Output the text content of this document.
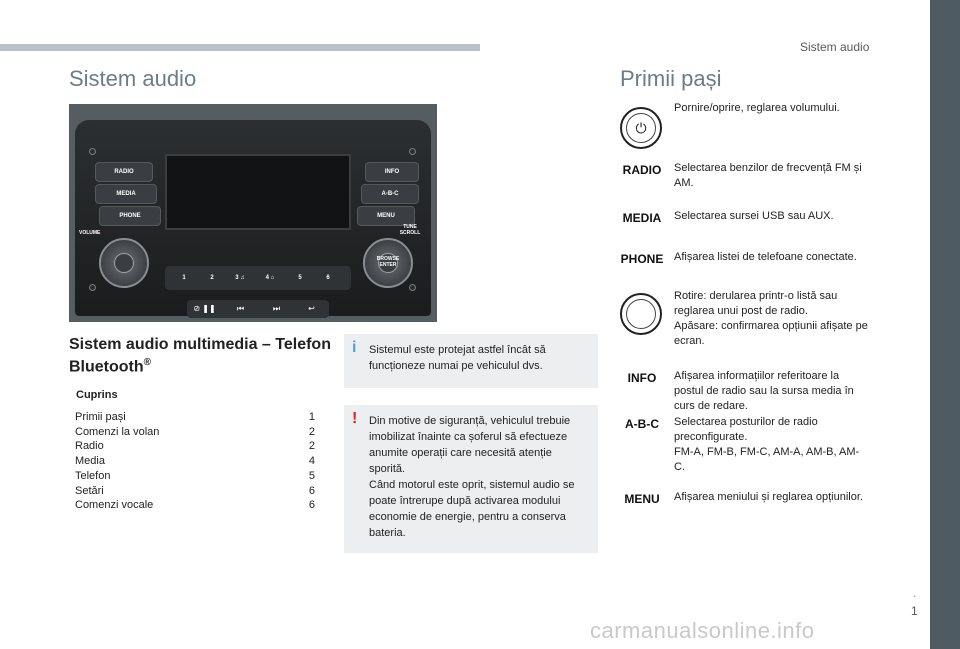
Sistem audio
.
1
carmanualsonline.info
Sistem audio	Primii pași
RADIO
MEDIA
PHONE
INFO
A-B-C
MENU
VOLUME
TUNE SCROLL
BROWSE ENTER
1	2	3 ♫	4 ⌂	5	6
⊘ ❚❚	⏮	⏭	↩
Sistem audio multimedia – Telefon Bluetooth®
Cuprins
Primii pași	1
Comenzi la volan	2
Radio	2
Media	4
Telefon	5
Setări	6
Comenzi vocale	6
i Sistemul este protejat astfel încât să funcționeze numai pe vehiculul dvs.
! Din motive de siguranță, vehiculul trebuie imobilizat înainte ca șoferul să efectueze anumite operații care necesită atenție sporită.
Când motorul este oprit, sistemul audio se poate întrerupe după activarea modului economie de energie, pentru a conserva bateria.
⏻
Pornire/oprire, reglarea volumului.
RADIO Selectarea benzilor de frecvență FM și AM.
MEDIA Selectarea sursei USB sau AUX.
PHONE Afișarea listei de telefoane conectate.
Rotire: derularea printr-o listă sau reglarea unui post de radio.
Apăsare: confirmarea opțiunii afișate pe ecran.
INFO	Afișarea informațiilor referitoare la postul de radio sau la sursa media în curs de redare.
A-B-C	Selectarea posturilor de radio preconfigurate.
FM-A, FM-B, FM-C, AM-A, AM-B, AM-C.
MENU	Afișarea meniului și reglarea opțiunilor.
